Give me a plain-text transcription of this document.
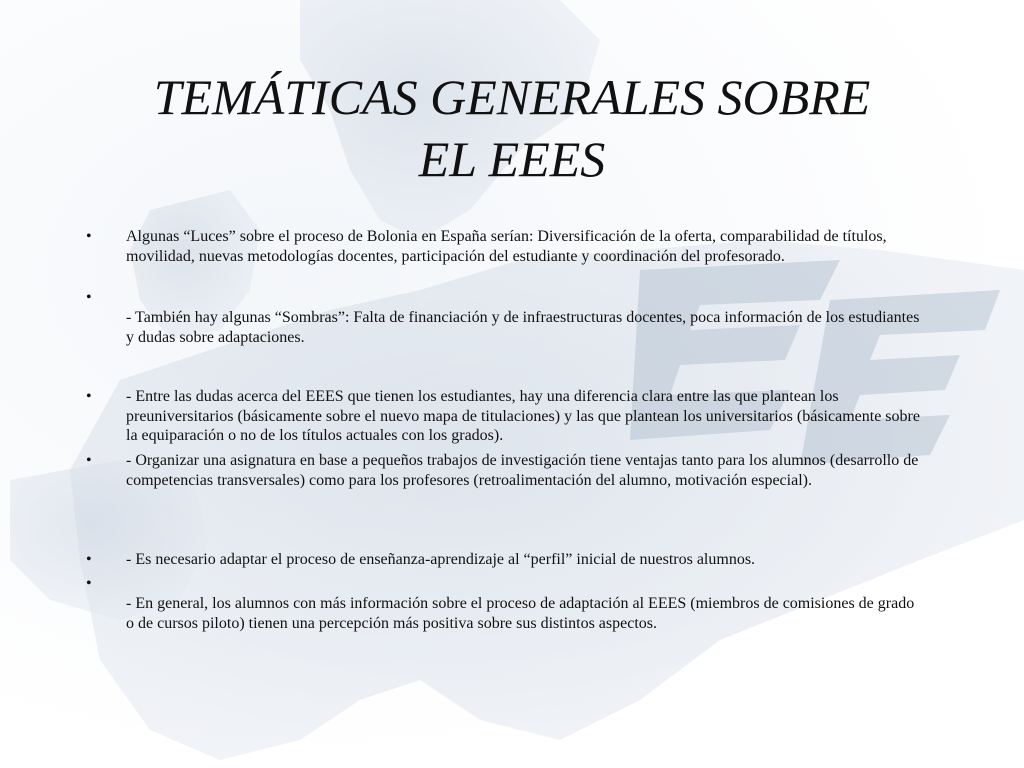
TEMÁTICAS GENERALES SOBRE
EL EEES
• Algunas “Luces” sobre el proceso de Bolonia en España serían: Diversificación de la oferta, comparabilidad de títulos, movilidad, nuevas metodologías docentes, participación del estudiante y coordinación del profesorado.
•
- También hay algunas “Sombras”: Falta de financiación y de infraestructuras docentes, poca información de los estudiantes y dudas sobre adaptaciones.
• - Entre las dudas acerca del EEES que tienen los estudiantes, hay una diferencia clara entre las que plantean los preuniversitarios (básicamente sobre el nuevo mapa de titulaciones) y las que plantean los universitarios (básicamente sobre la equiparación o no de los títulos actuales con los grados).
• - Organizar una asignatura en base a pequeños trabajos de investigación tiene ventajas tanto para los alumnos (desarrollo de competencias transversales) como para los profesores (retroalimentación del alumno, motivación especial).
• - Es necesario adaptar el proceso de enseñanza-aprendizaje al “perfil” inicial de nuestros alumnos.
•
- En general, los alumnos con más información sobre el proceso de adaptación al EEES (miembros de comisiones de grado o de cursos piloto) tienen una percepción más positiva sobre sus distintos aspectos.
